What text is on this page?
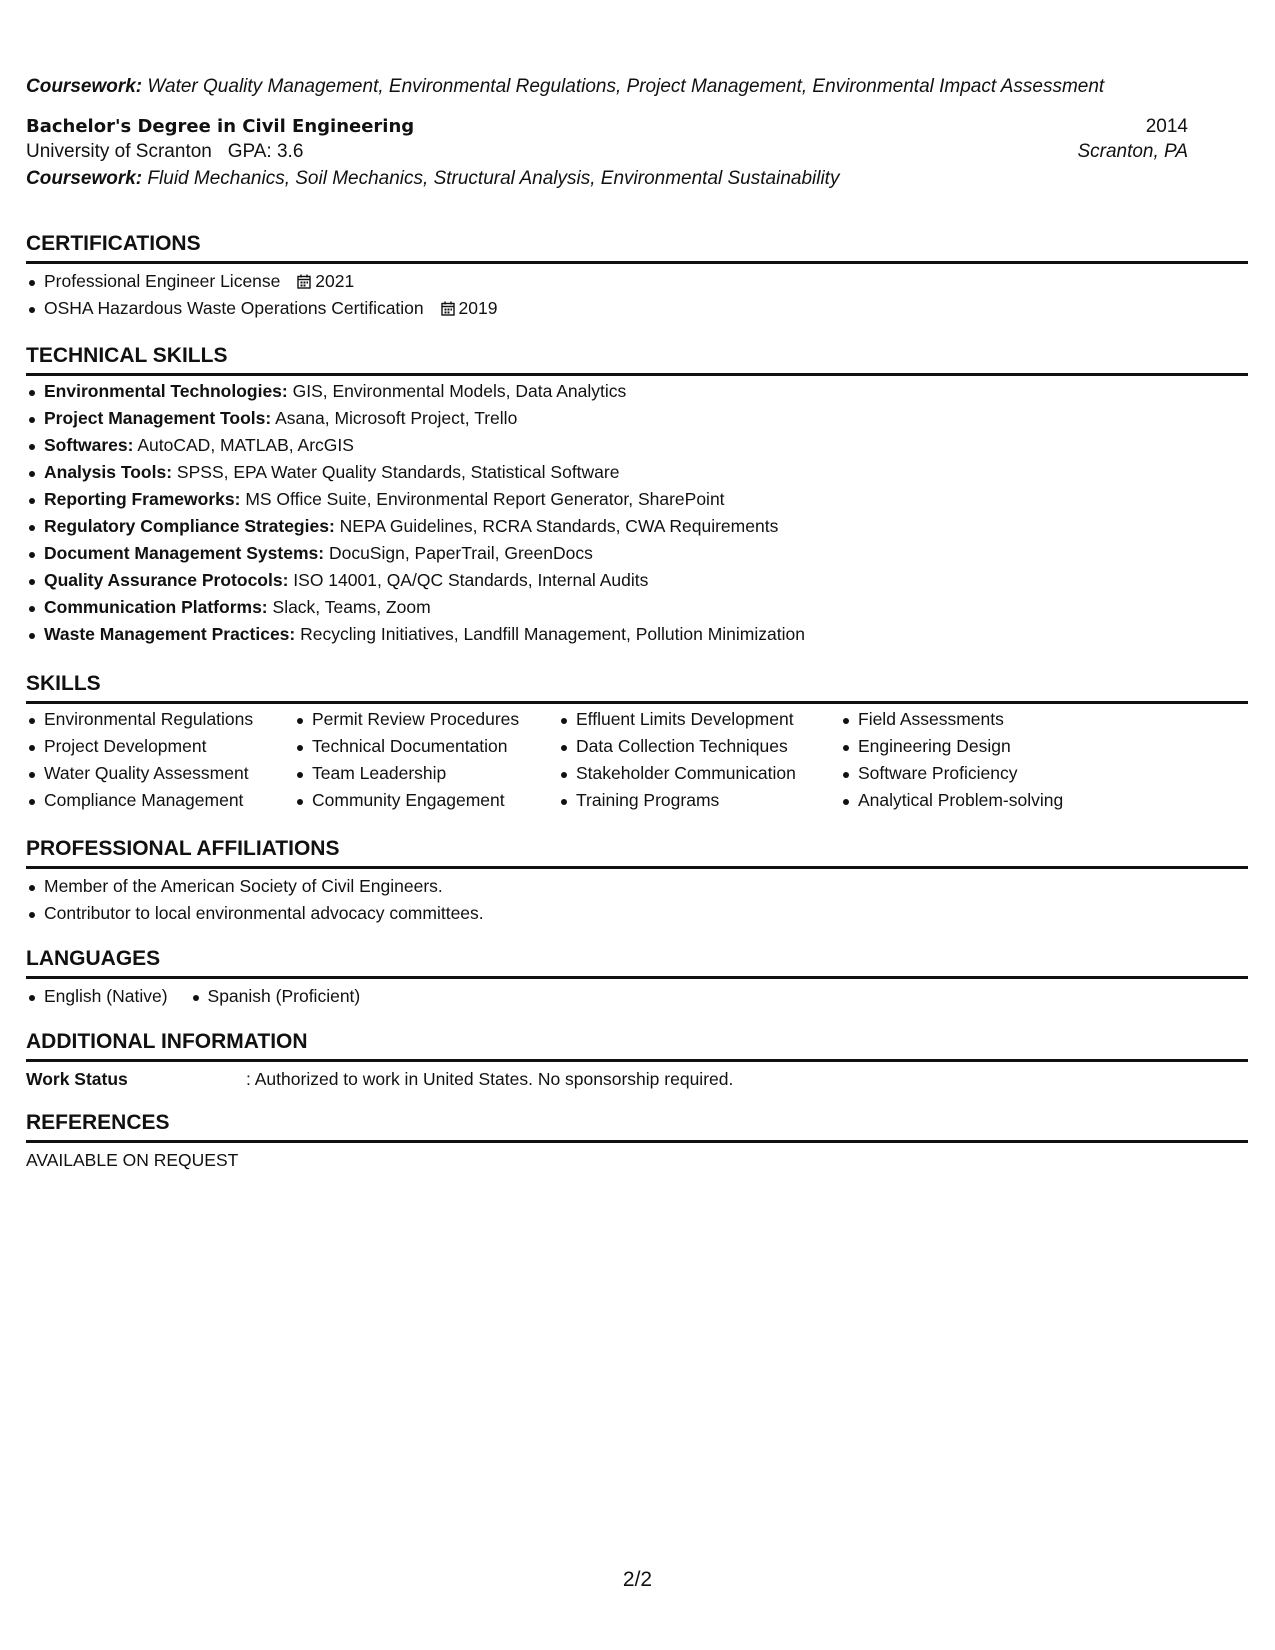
Coursework: Water Quality Management, Environmental Regulations, Project Management, Environmental Impact Assessment
Bachelor's Degree in Civil Engineering	2014
University of Scranton GPA: 3.6	Scranton, PA
Coursework: Fluid Mechanics, Soil Mechanics, Structural Analysis, Environmental Sustainability
CERTIFICATIONS
Professional Engineer License 2021
OSHA Hazardous Waste Operations Certification 2019
TECHNICAL SKILLS
Environmental Technologies: GIS, Environmental Models, Data Analytics
Project Management Tools: Asana, Microsoft Project, Trello
Softwares: AutoCAD, MATLAB, ArcGIS
Analysis Tools: SPSS, EPA Water Quality Standards, Statistical Software
Reporting Frameworks: MS Office Suite, Environmental Report Generator, SharePoint
Regulatory Compliance Strategies: NEPA Guidelines, RCRA Standards, CWA Requirements
Document Management Systems: DocuSign, PaperTrail, GreenDocs
Quality Assurance Protocols: ISO 14001, QA/QC Standards, Internal Audits
Communication Platforms: Slack, Teams, Zoom
Waste Management Practices: Recycling Initiatives, Landfill Management, Pollution Minimization
SKILLS
Environmental Regulations
Project Development
Water Quality Assessment
Compliance Management
Permit Review Procedures
Technical Documentation
Team Leadership
Community Engagement
Effluent Limits Development
Data Collection Techniques
Stakeholder Communication
Training Programs
Field Assessments
Engineering Design
Software Proficiency
Analytical Problem-solving
PROFESSIONAL AFFILIATIONS
Member of the American Society of Civil Engineers.
Contributor to local environmental advocacy committees.
LANGUAGES
English (Native)	Spanish (Proficient)
ADDITIONAL INFORMATION
Work Status	: Authorized to work in United States. No sponsorship required.
REFERENCES
AVAILABLE ON REQUEST
2/2
